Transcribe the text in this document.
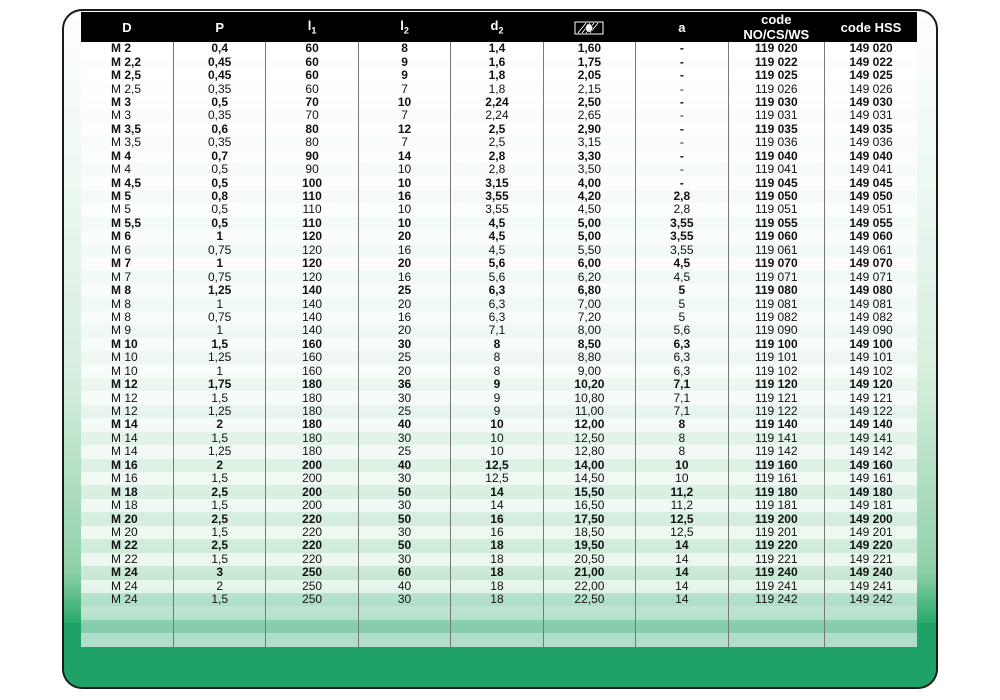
D	P	$l_1$	$l_2$	$d_2$		a	code NO/CS/WS	code HSS
M 2	0,4	60	8	1,4	1,60	-	119 020	149 020
M 2,2	0,45	60	9	1,6	1,75	-	119 022	149 022
M 2,5	0,45	60	9	1,8	2,05	-	119 025	149 025
M 2,5	0,35	60	7	1,8	2,15	-	119 026	149 026
M 3	0,5	70	10	2,24	2,50	-	119 030	149 030
M 3	0,35	70	7	2,24	2,65	-	119 031	149 031
M 3,5	0,6	80	12	2,5	2,90	-	119 035	149 035
M 3,5	0,35	80	7	2,5	3,15	-	119 036	149 036
M 4	0,7	90	14	2,8	3,30	-	119 040	149 040
M 4	0,5	90	10	2,8	3,50	-	119 041	149 041
M 4,5	0,5	100	10	3,15	4,00	-	119 045	149 045
M 5	0,8	110	16	3,55	4,20	2,8	119 050	149 050
M 5	0,5	110	10	3,55	4,50	2,8	119 051	149 051
M 5,5	0,5	110	10	4,5	5,00	3,55	119 055	149 055
M 6	1	120	20	4,5	5,00	3,55	119 060	149 060
M 6	0,75	120	16	4,5	5,50	3,55	119 061	149 061
M 7	1	120	20	5,6	6,00	4,5	119 070	149 070
M 7	0,75	120	16	5,6	6,20	4,5	119 071	149 071
M 8	1,25	140	25	6,3	6,80	5	119 080	149 080
M 8	1	140	20	6,3	7,00	5	119 081	149 081
M 8	0,75	140	16	6,3	7,20	5	119 082	149 082
M 9	1	140	20	7,1	8,00	5,6	119 090	149 090
M 10	1,5	160	30	8	8,50	6,3	119 100	149 100
M 10	1,25	160	25	8	8,80	6,3	119 101	149 101
M 10	1	160	20	8	9,00	6,3	119 102	149 102
M 12	1,75	180	36	9	10,20	7,1	119 120	149 120
M 12	1,5	180	30	9	10,80	7,1	119 121	149 121
M 12	1,25	180	25	9	11,00	7,1	119 122	149 122
M 14	2	180	40	10	12,00	8	119 140	149 140
M 14	1,5	180	30	10	12,50	8	119 141	149 141
M 14	1,25	180	25	10	12,80	8	119 142	149 142
M 16	2	200	40	12,5	14,00	10	119 160	149 160
M 16	1,5	200	30	12,5	14,50	10	119 161	149 161
M 18	2,5	200	50	14	15,50	11,2	119 180	149 180
M 18	1,5	200	30	14	16,50	11,2	119 181	149 181
M 20	2,5	220	50	16	17,50	12,5	119 200	149 200
M 20	1,5	220	30	16	18,50	12,5	119 201	149 201
M 22	2,5	220	50	18	19,50	14	119 220	149 220
M 22	1,5	220	30	18	20,50	14	119 221	149 221
M 24	3	250	60	18	21,00	14	119 240	149 240
M 24	2	250	40	18	22,00	14	119 241	149 241
M 24	1,5	250	30	18	22,50	14	119 242	149 242
